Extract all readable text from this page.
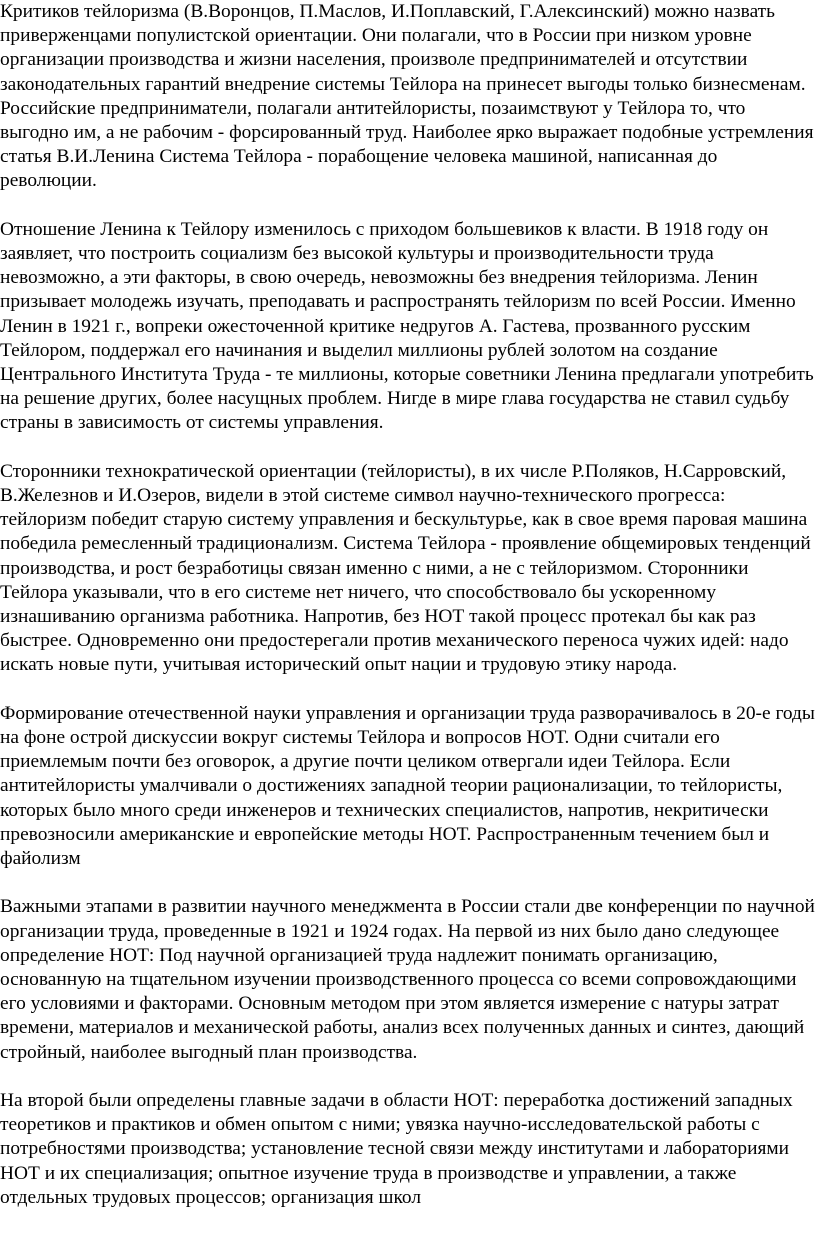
Критиков тейлоризма (В.Воронцов, П.Маслов, И.Поплавский, Г.Алексинский) можно назвать приверженцами популистской ориентации. Они полагали, что в России при низком уровне организации производства и жизни населения, произволе предпринимателей и отсутствии законодательных гарантий внедрение системы Тейлора на принесет выгоды только бизнесменам. Российские предприниматели, полагали антитейлористы, позаимствуют у Тейлора то, что выгодно им, а не рабочим - форсированный труд. Наиболее ярко выражает подобные устремления статья В.И.Ленина Система Тейлора - порабощение человека машиной, написанная до революции.

Отношение Ленина к Тейлору изменилось с приходом большевиков к власти. В 1918 году он заявляет, что построить социализм без высокой культуры и производительности труда невозможно, а эти факторы, в свою очередь, невозможны без внедрения тейлоризма. Ленин призывает молодежь изучать, преподавать и распространять тейлоризм по всей России. Именно Ленин в 1921 г., вопреки ожесточенной критике недругов А. Гастева, прозванного русским Тейлором, поддержал его начинания и выделил миллионы рублей золотом на создание Центрального Института Труда - те миллионы, которые советники Ленина предлагали употребить на решение других, более насущных проблем. Нигде в мире глава государства не ставил судьбу страны в зависимость от системы управления.

Сторонники технократической ориентации (тейлористы), в их числе Р.Поляков, Н.Сарровский, В.Железнов и И.Озеров, видели в этой системе символ научно-технического прогресса: тейлоризм победит старую систему управления и бескультурье, как в свое время паровая машина победила ремесленный традиционализм. Система Тейлора - проявление общемировых тенденций производства, и рост безработицы связан именно с ними, а не с тейлоризмом. Сторонники Тейлора указывали, что в его системе нет ничего, что способствовало бы ускоренному изнашиванию организма работника. Напротив, без НОТ такой процесс протекал бы как раз быстрее. Одновременно они предостерегали против механического переноса чужих идей: надо искать новые пути, учитывая исторический опыт нации и трудовую этику народа.

Формирование отечественной науки управления и организации труда разворачивалось в 20-е годы на фоне острой дискуссии вокруг системы Тейлора и вопросов НОТ. Одни считали его приемлемым почти без оговорок, а другие почти целиком отвергали идеи Тейлора. Если антитейлористы умалчивали о достижениях западной теории рационализации, то тейлористы, которых было много среди инженеров и технических специалистов, напротив, некритически превозносили американские и европейские методы НОТ. Распространенным течением был и файолизм

Важными этапами в развитии научного менеджмента в России стали две конференции по научной организации труда, проведенные в 1921 и 1924 годах. На первой из них было дано следующее определение НОТ: Под научной организацией труда надлежит понимать организацию, основанную на тщательном изучении производственного процесса со всеми сопровождающими его условиями и факторами. Основным методом при этом является измерение с натуры затрат времени, материалов и механической работы, анализ всех полученных данных и синтез, дающий стройный, наиболее выгодный план производства.

На второй были определены главные задачи в области НОТ: переработка достижений западных теоретиков и практиков и обмен опытом с ними; увязка научно-исследовательской работы с потребностями производства; установление тесной связи между институтами и лабораториями НОТ и их специализация; опытное изучение труда в производстве и управлении, а также отдельных трудовых процессов; организация школ
